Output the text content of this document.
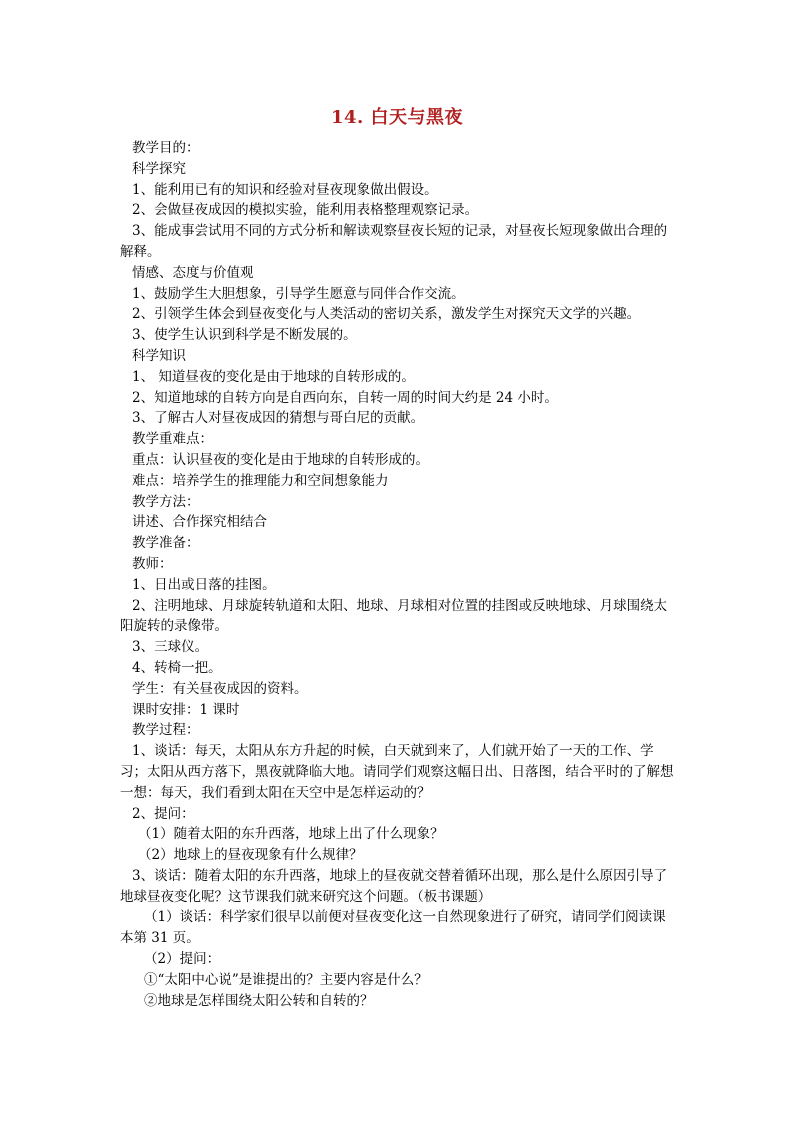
14. 白天与黑夜
教学目的：
科学探究
1、能利用已有的知识和经验对昼夜现象做出假设。
2、会做昼夜成因的模拟实验，能利用表格整理观察记录。
3、能成事尝试用不同的方式分析和解读观察昼夜长短的记录，对昼夜长短现象做出合理的解释。
情感、态度与价值观
1、鼓励学生大胆想象，引导学生愿意与同伴合作交流。
2、引领学生体会到昼夜变化与人类活动的密切关系，激发学生对探究天文学的兴趣。
3、使学生认识到科学是不断发展的。
科学知识
1、 知道昼夜的变化是由于地球的自转形成的。
2、知道地球的自转方向是自西向东，自转一周的时间大约是 24 小时。
3、了解古人对昼夜成因的猜想与哥白尼的贡献。
教学重难点：
重点：认识昼夜的变化是由于地球的自转形成的。
难点：培养学生的推理能力和空间想象能力
教学方法：
讲述、合作探究相结合
教学准备：
教师：
1、日出或日落的挂图。
2、注明地球、月球旋转轨道和太阳、地球、月球相对位置的挂图或反映地球、月球围绕太阳旋转的录像带。
3、三球仪。
4、转椅一把。
学生：有关昼夜成因的资料。
课时安排：1 课时
教学过程：
1、谈话：每天，太阳从东方升起的时候，白天就到来了，人们就开始了一天的工作、学习；太阳从西方落下，黑夜就降临大地。请同学们观察这幅日出、日落图，结合平时的了解想一想：每天，我们看到太阳在天空中是怎样运动的？
2、提问：
（1）随着太阳的东升西落，地球上出了什么现象？
（2）地球上的昼夜现象有什么规律？
3、谈话：随着太阳的东升西落，地球上的昼夜就交替着循环出现，那么是什么原因引导了地球昼夜变化呢？这节课我们就来研究这个问题。（板书课题）
（1）谈话：科学家们很早以前便对昼夜变化这一自然现象进行了研究，请同学们阅读课本第 31 页。
（2）提问：
①“太阳中心说”是谁提出的？主要内容是什么？
②地球是怎样围绕太阳公转和自转的？
